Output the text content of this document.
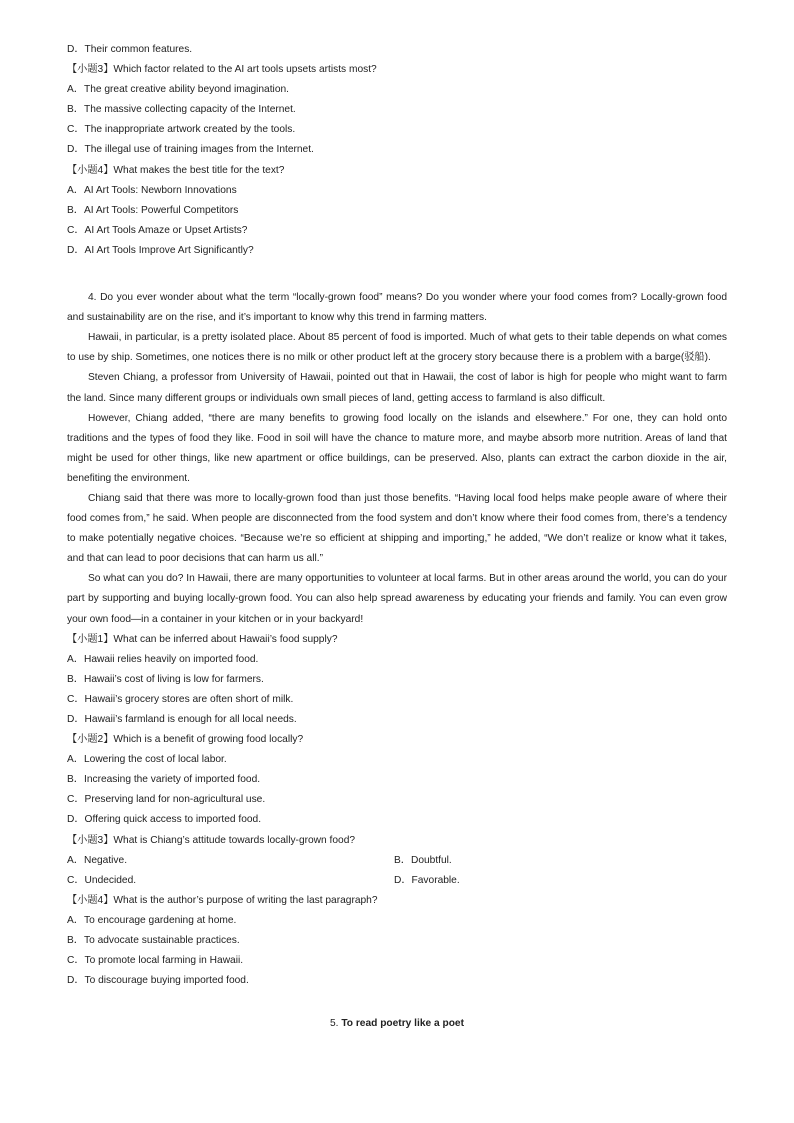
D．Their common features.
【小题3】Which factor related to the AI art tools upsets artists most?
A．The great creative ability beyond imagination.
B．The massive collecting capacity of the Internet.
C．The inappropriate artwork created by the tools.
D．The illegal use of training images from the Internet.
【小题4】What makes the best title for the text?
A．AI Art Tools: Newborn Innovations
B．AI Art Tools: Powerful Competitors
C．AI Art Tools Amaze or Upset Artists?
D．AI Art Tools Improve Art Significantly?
4. Do you ever wonder about what the term “locally-grown food” means? Do you wonder where your food comes from? Locally-grown food and sustainability are on the rise, and it’s important to know why this trend in farming matters.
Hawaii, in particular, is a pretty isolated place. About 85 percent of food is imported. Much of what gets to their table depends on what comes to use by ship. Sometimes, one notices there is no milk or other product left at the grocery story because there is a problem with a barge(驳船).
Steven Chiang, a professor from University of Hawaii, pointed out that in Hawaii, the cost of labor is high for people who might want to farm the land. Since many different groups or individuals own small pieces of land, getting access to farmland is also difficult.
However, Chiang added, “there are many benefits to growing food locally on the islands and elsewhere.” For one, they can hold onto traditions and the types of food they like. Food in soil will have the chance to mature more, and maybe absorb more nutrition. Areas of land that might be used for other things, like new apartment or office buildings, can be preserved. Also, plants can extract the carbon dioxide in the air, benefiting the environment.
Chiang said that there was more to locally-grown food than just those benefits. “Having local food helps make people aware of where their food comes from,” he said. When people are disconnected from the food system and don’t know where their food comes from, there’s a tendency to make potentially negative choices. “Because we’re so efficient at shipping and importing,” he added, “We don’t realize or know what it takes, and that can lead to poor decisions that can harm us all.”
So what can you do? In Hawaii, there are many opportunities to volunteer at local farms. But in other areas around the world, you can do your part by supporting and buying locally-grown food. You can also help spread awareness by educating your friends and family. You can even grow your own food—in a container in your kitchen or in your backyard!
【小题1】What can be inferred about Hawaii’s food supply?
A．Hawaii relies heavily on imported food.
B．Hawaii’s cost of living is low for farmers.
C．Hawaii’s grocery stores are often short of milk.
D．Hawaii’s farmland is enough for all local needs.
【小题2】Which is a benefit of growing food locally?
A．Lowering the cost of local labor.
B．Increasing the variety of imported food.
C．Preserving land for non-agricultural use.
D．Offering quick access to imported food.
【小题3】What is Chiang’s attitude towards locally-grown food?
A．Negative.	B．Doubtful.
C．Undecided.	D．Favorable.
【小题4】What is the author’s purpose of writing the last paragraph?
A．To encourage gardening at home.
B．To advocate sustainable practices.
C．To promote local farming in Hawaii.
D．To discourage buying imported food.
5. To read poetry like a poet
